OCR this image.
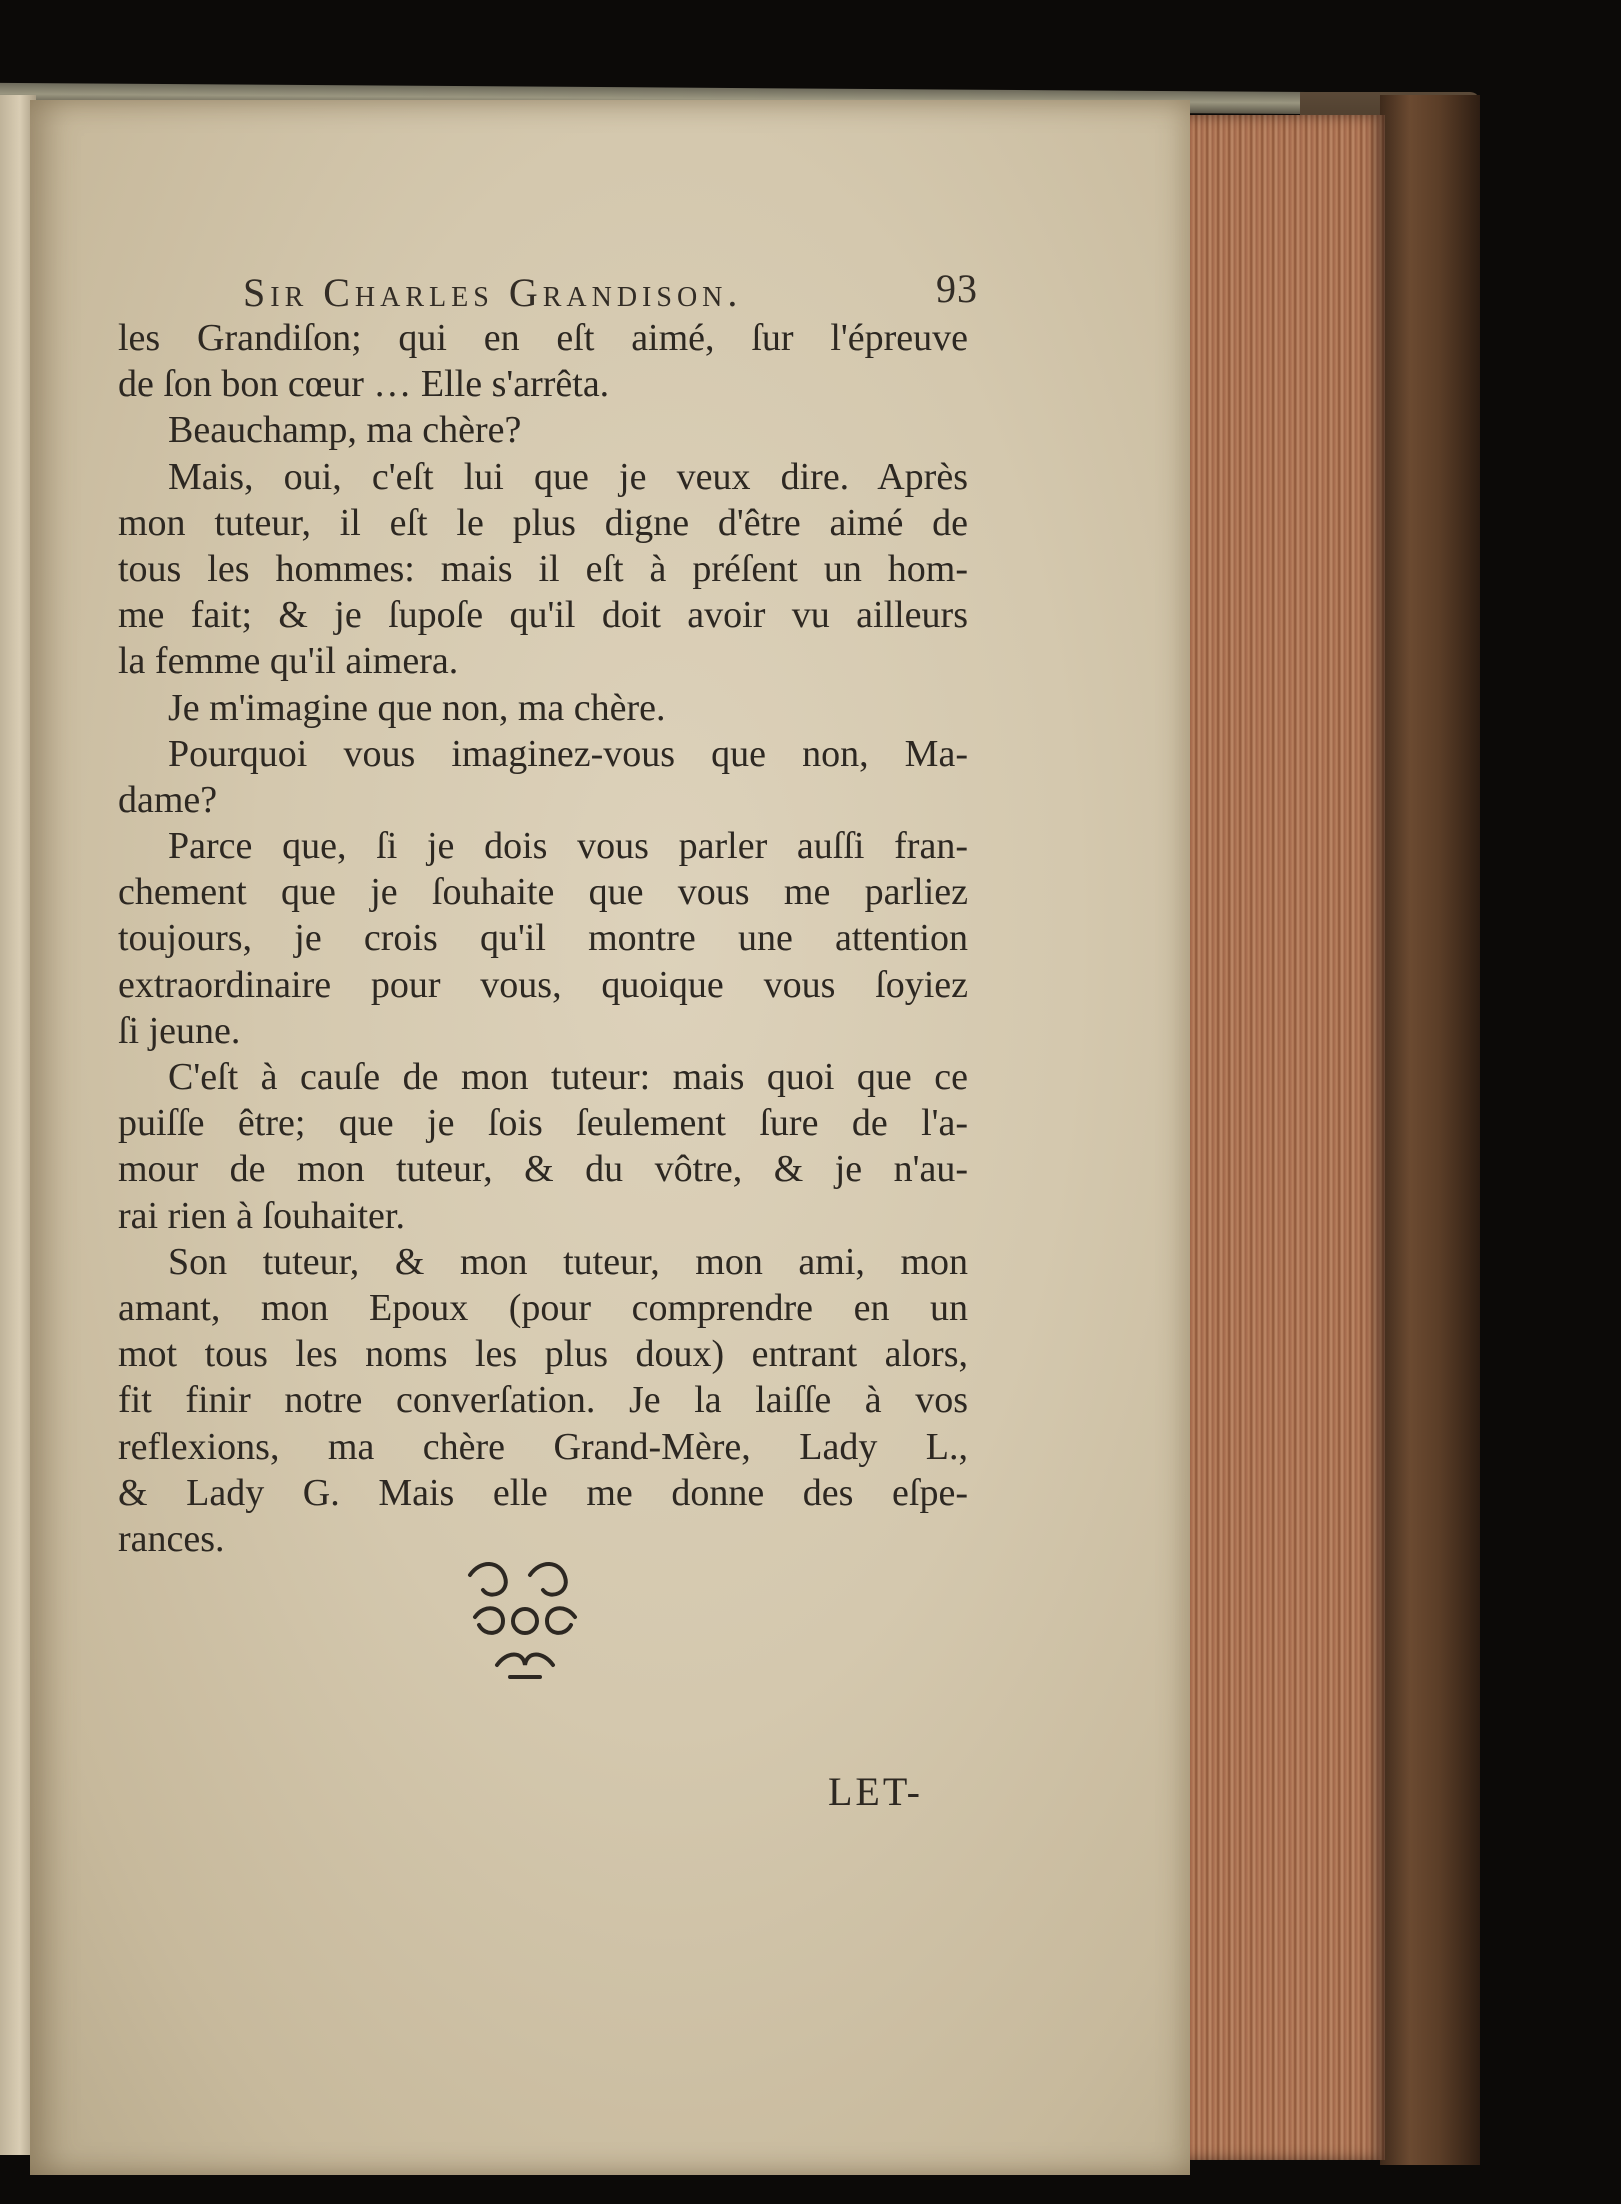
Sir Charles Grandison.	93
les Grandiſon; qui en eſt aimé, ſur l'épreuve
de ſon bon cœur … Elle s'arrêta.
Beauchamp, ma chère?
Mais, oui, c'eſt lui que je veux dire. Après
mon tuteur, il eſt le plus digne d'être aimé de
tous les hommes: mais il eſt à préſent un hom-
me fait; & je ſupoſe qu'il doit avoir vu ailleurs
la femme qu'il aimera.
Je m'imagine que non, ma chère.
Pourquoi vous imaginez-vous que non, Ma-
dame?
Parce que, ſi je dois vous parler auſſi fran-
chement que je ſouhaite que vous me parliez
toujours, je crois qu'il montre une attention
extraordinaire pour vous, quoique vous ſoyiez
ſi jeune.
C'eſt à cauſe de mon tuteur: mais quoi que ce
puiſſe être; que je ſois ſeulement ſure de l'a-
mour de mon tuteur, & du vôtre, & je n'au-
rai rien à ſouhaiter.
Son tuteur, & mon tuteur, mon ami, mon
amant, mon Epoux (pour comprendre en un
mot tous les noms les plus doux) entrant alors,
fit finir notre converſation. Je la laiſſe à vos
reflexions, ma chère Grand-Mère, Lady L.,
& Lady G. Mais elle me donne des eſpe-
rances.
LET-
